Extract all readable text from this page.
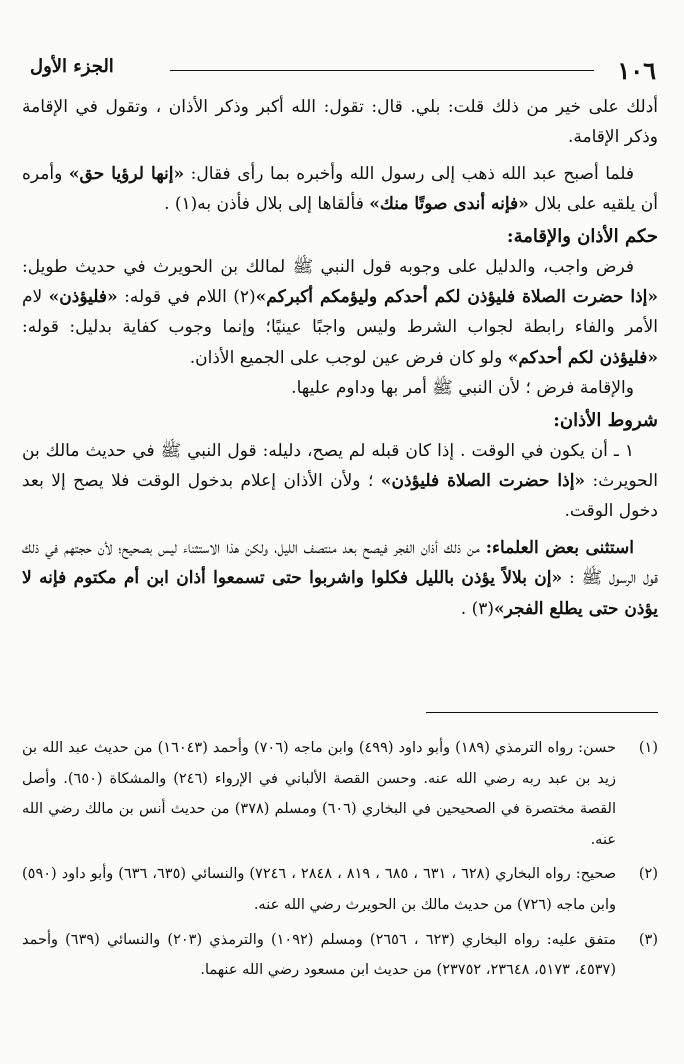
١٠٦
الجزء الأول

أدلك على خير من ذلك قلت: بلي. قال: تقول: الله أكبر وذكر الأذان ، وتقول في الإقامة وذكر الإقامة.

فلما أصبح عبد الله ذهب إلى رسول الله وأخبره بما رأى فقال: «إنها لرؤيا حق» وأمره أن يلقيه على بلال «فإنه أندى صوتًا منك» فألقاها إلى بلال فأذن به(١) .

حكم الأذان والإقامة:

فرض واجب، والدليل على وجوبه قول النبي ﷺ لمالك بن الحويرث في حديث طويل: «إذا حضرت الصلاة فليؤذن لكم أحدكم وليؤمكم أكبركم»(٢) اللام في قوله: «فليؤذن» لام الأمر والفاء رابطة لجواب الشرط وليس واجبًا عينيًا؛ وإنما وجوب كفاية بدليل: قوله: «فليؤذن لكم أحدكم» ولو كان فرض عين لوجب على الجميع الأذان.

والإقامة فرض ؛ لأن النبي ﷺ أمر بها وداوم عليها.

شروط الأذان:

١ ـ أن يكون في الوقت . إذا كان قبله لم يصح، دليله: قول النبي ﷺ في حديث مالك بن الحويرث: «إذا حضرت الصلاة فليؤذن» ؛ ولأن الأذان إعلام بدخول الوقت فلا يصح إلا بعد دخول الوقت.

استثنى بعض العلماء: من ذلك أذان الفجر فيصح بعد منتصف الليل، ولكن هذا الاستثناء ليس بصحيح؛ لأن حجتهم في ذلك قول الرسول ﷺ : «إن بلالاً يؤذن بالليل فكلوا واشربوا حتى تسمعوا أذان ابن أم مكتوم فإنه لا يؤذن حتى يطلع الفجر»(٣) .

(١)
حسن: رواه الترمذي (١٨٩) وأبو داود (٤٩٩) وابن ماجه (٧٠٦) وأحمد (١٦٠٤٣) من حديث عبد الله بن زيد بن عبد ربه رضي الله عنه. وحسن القصة الألباني في الإرواء (٢٤٦) والمشكاة (٦٥٠). وأصل القصة مختصرة في الصحيحين في البخاري (٦٠٦) ومسلم (٣٧٨) من حديث أنس بن مالك رضي الله عنه.

(٢)
صحيح: رواه البخاري (٦٢٨ ، ٦٣١ ، ٦٨٥ ، ٨١٩ ، ٢٨٤٨ ، ٧٢٤٦) والنسائي (٦٣٥، ٦٣٦) وأبو داود (٥٩٠) وابن ماجه (٧٢٦) من حديث مالك بن الحويرث رضي الله عنه.

(٣)
متفق عليه: رواه البخاري (٦٢٣ ، ٢٦٥٦) ومسلم (١٠٩٢) والترمذي (٢٠٣) والنسائي (٦٣٩) وأحمد (٤٥٣٧، ٥١٧٣، ٢٣٦٤٨، ٢٣٧٥٢) من حديث ابن مسعود رضي الله عنهما.
